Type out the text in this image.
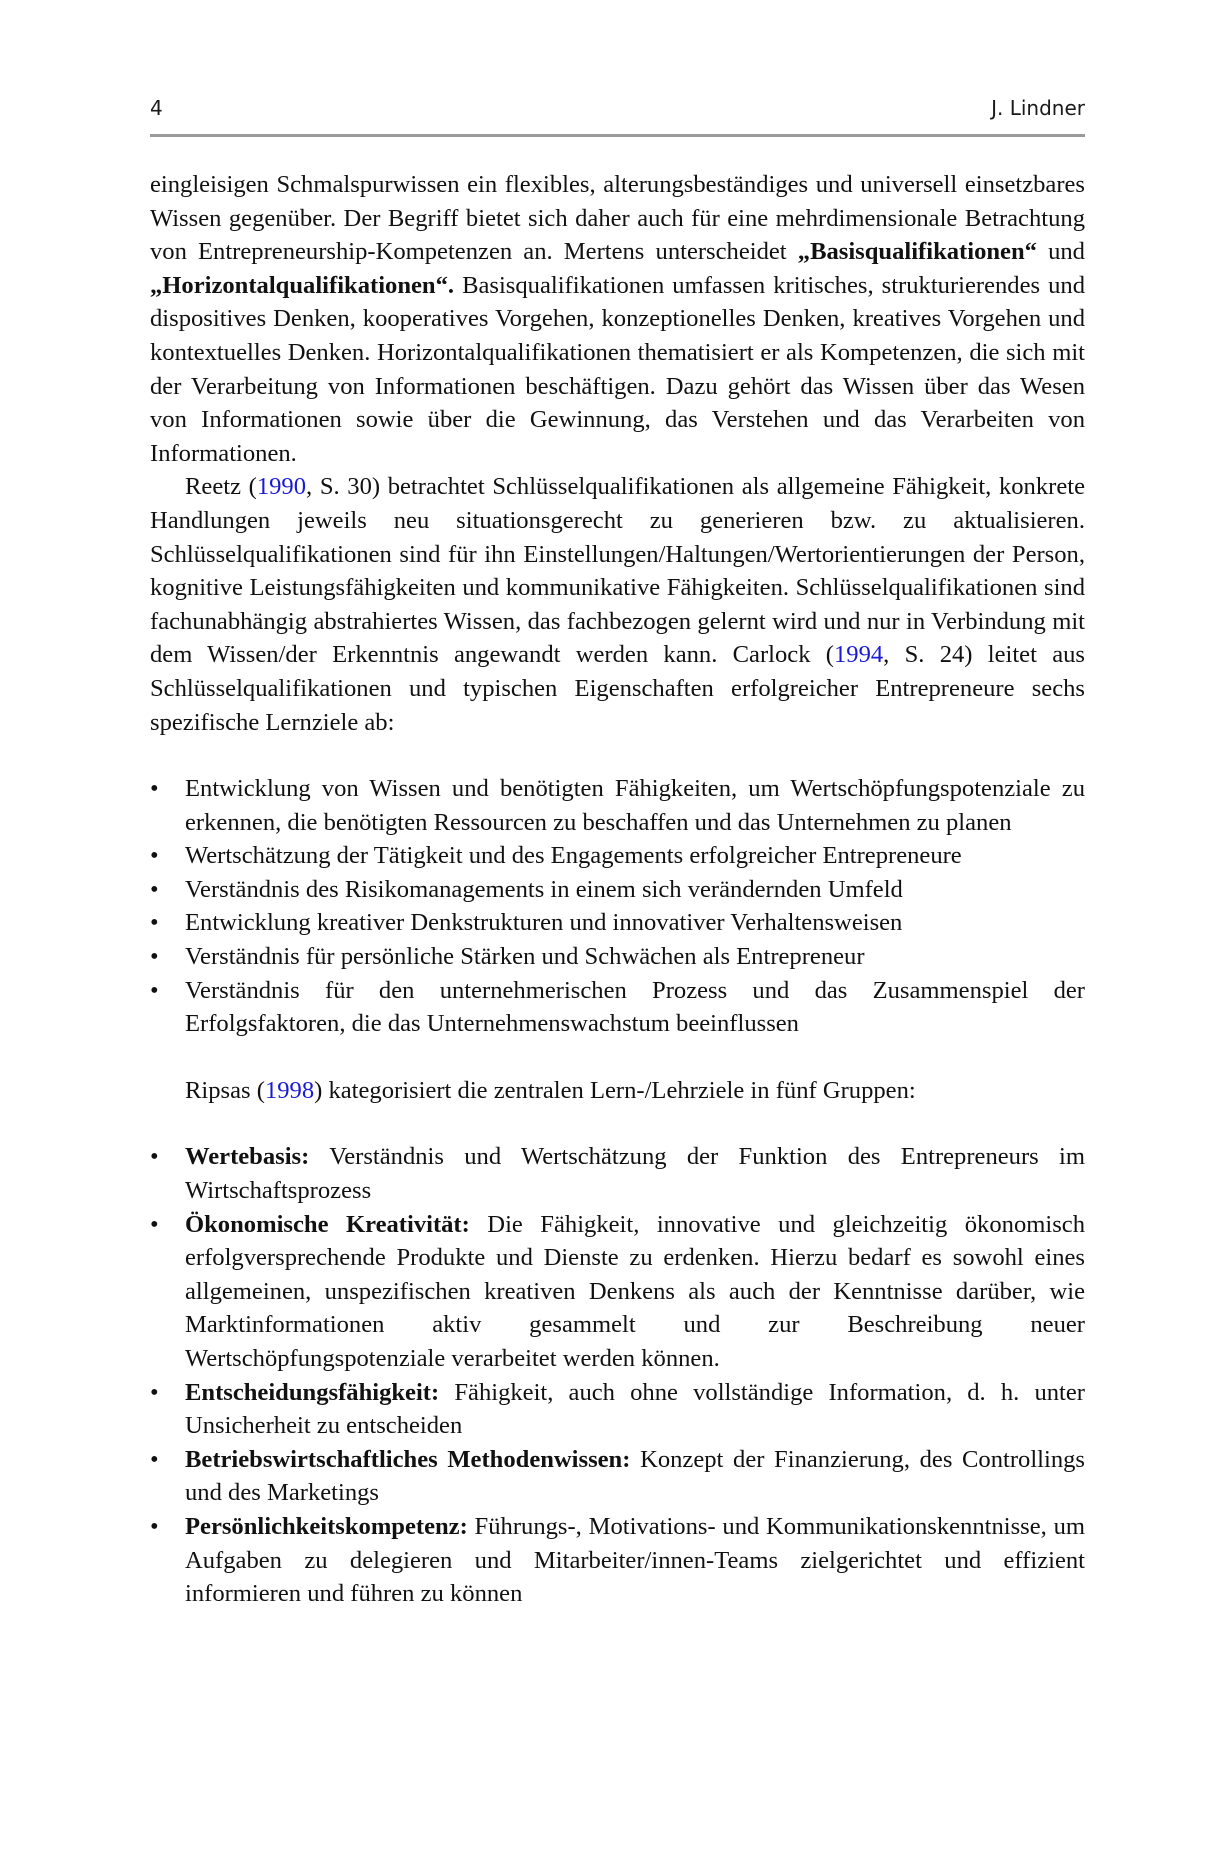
4	J. Lindner

eingleisigen Schmalspurwissen ein flexibles, alterungsbeständiges und universell einsetzbares Wissen gegenüber. Der Begriff bietet sich daher auch für eine mehrdimensionale Betrachtung von Entrepreneurship-Kompetenzen an. Mertens unterscheidet „Basisqualifikationen“ und „Horizontalqualifikationen“. Basisqualifikationen umfassen kritisches, strukturierendes und dispositives Denken, kooperatives Vorgehen, konzeptionelles Denken, kreatives Vorgehen und kontextuelles Denken. Horizontalqualifikationen thematisiert er als Kompetenzen, die sich mit der Verarbeitung von Informationen beschäftigen. Dazu gehört das Wissen über das Wesen von Informationen sowie über die Gewinnung, das Verstehen und das Verarbeiten von Informationen.

Reetz (1990, S. 30) betrachtet Schlüsselqualifikationen als allgemeine Fähigkeit, konkrete Handlungen jeweils neu situationsgerecht zu generieren bzw. zu aktualisieren. Schlüsselqualifikationen sind für ihn Einstellungen/Haltungen/Wertorientierungen der Person, kognitive Leistungsfähigkeiten und kommunikative Fähigkeiten. Schlüsselqualifikationen sind fachunabhängig abstrahiertes Wissen, das fachbezogen gelernt wird und nur in Verbindung mit dem Wissen/der Erkenntnis angewandt werden kann. Carlock (1994, S. 24) leitet aus Schlüsselqualifikationen und typischen Eigenschaften erfolgreicher Entrepreneure sechs spezifische Lernziele ab:

• Entwicklung von Wissen und benötigten Fähigkeiten, um Wertschöpfungspotenziale zu erkennen, die benötigten Ressourcen zu beschaffen und das Unternehmen zu planen
• Wertschätzung der Tätigkeit und des Engagements erfolgreicher Entrepreneure
• Verständnis des Risikomanagements in einem sich verändernden Umfeld
• Entwicklung kreativer Denkstrukturen und innovativer Verhaltensweisen
• Verständnis für persönliche Stärken und Schwächen als Entrepreneur
• Verständnis für den unternehmerischen Prozess und das Zusammenspiel der Erfolgsfaktoren, die das Unternehmenswachstum beeinflussen

Ripsas (1998) kategorisiert die zentralen Lern-/Lehrziele in fünf Gruppen:

• Wertebasis: Verständnis und Wertschätzung der Funktion des Entrepreneurs im Wirtschaftsprozess
• Ökonomische Kreativität: Die Fähigkeit, innovative und gleichzeitig ökonomisch erfolgversprechende Produkte und Dienste zu erdenken. Hierzu bedarf es sowohl eines allgemeinen, unspezifischen kreativen Denkens als auch der Kenntnisse darüber, wie Marktinformationen aktiv gesammelt und zur Beschreibung neuer Wertschöpfungspotenziale verarbeitet werden können.
• Entscheidungsfähigkeit: Fähigkeit, auch ohne vollständige Information, d. h. unter Unsicherheit zu entscheiden
• Betriebswirtschaftliches Methodenwissen: Konzept der Finanzierung, des Controllings und des Marketings
• Persönlichkeitskompetenz: Führungs-, Motivations- und Kommunikationskenntnisse, um Aufgaben zu delegieren und Mitarbeiter/innen-Teams zielgerichtet und effizient informieren und führen zu können
